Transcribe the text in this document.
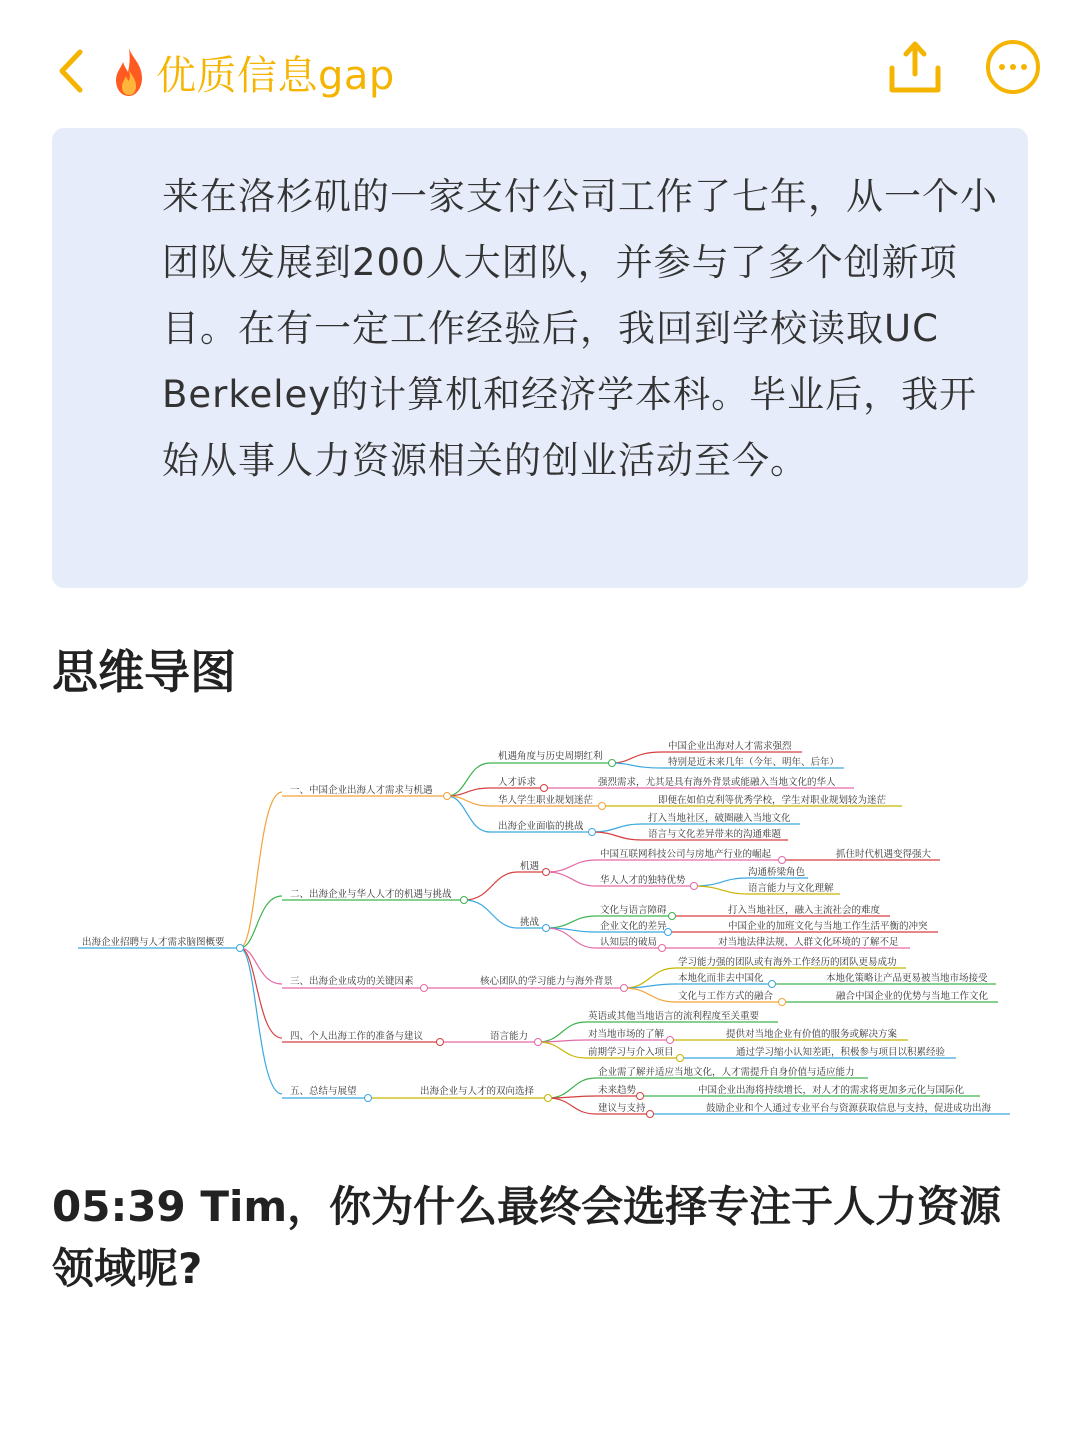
优质信息gap

来在洛杉矶的一家支付公司工作了七年，从一个小团队发展到200人大团队，并参与了多个创新项目。在有一定工作经验后，我回到学校读取UC Berkeley的计算机和经济学本科。毕业后，我开始从事人力资源相关的创业活动至今。

思维导图
出海企业招聘与人才需求脑图概要
一、中国企业出海人才需求与机遇
机遇角度与历史周期红利
中国企业出海对人才需求强烈
特别是近未来几年（今年、明年、后年）
人才诉求	强烈需求，尤其是具有海外背景或能融入当地文化的华人
华人学生职业规划迷茫	即便在如伯克利等优秀学校，学生对职业规划较为迷茫
出海企业面临的挑战
打入当地社区，破圈融入当地文化
语言与文化差异带来的沟通难题
二、出海企业与华人人才的机遇与挑战
机遇
中国互联网科技公司与房地产行业的崛起	抓住时代机遇变得强大
华人人才的独特优势
沟通桥梁角色
语言能力与文化理解
挑战
文化与语言障碍	打入当地社区，融入主流社会的难度
企业文化的差异	中国企业的加班文化与当地工作生活平衡的冲突
认知层的破局	对当地法律法规、人群文化环境的了解不足
三、出海企业成功的关键因素	核心团队的学习能力与海外背景
学习能力强的团队或有海外工作经历的团队更易成功
本地化而非去中国化	本地化策略让产品更易被当地市场接受
文化与工作方式的融合	融合中国企业的优势与当地工作文化
四、个人出海工作的准备与建议	语言能力
英语或其他当地语言的流利程度至关重要
对当地市场的了解	提供对当地企业有价值的服务或解决方案
前期学习与介入项目	通过学习缩小认知差距，积极参与项目以积累经验
五、总结与展望	出海企业与人才的双向选择
企业需了解并适应当地文化，人才需提升自身价值与适应能力
未来趋势	中国企业出海将持续增长，对人才的需求将更加多元化与国际化
建议与支持	鼓励企业和个人通过专业平台与资源获取信息与支持，促进成功出海
05:39 Tim，你为什么最终会选择专注于人力资源领域呢?
